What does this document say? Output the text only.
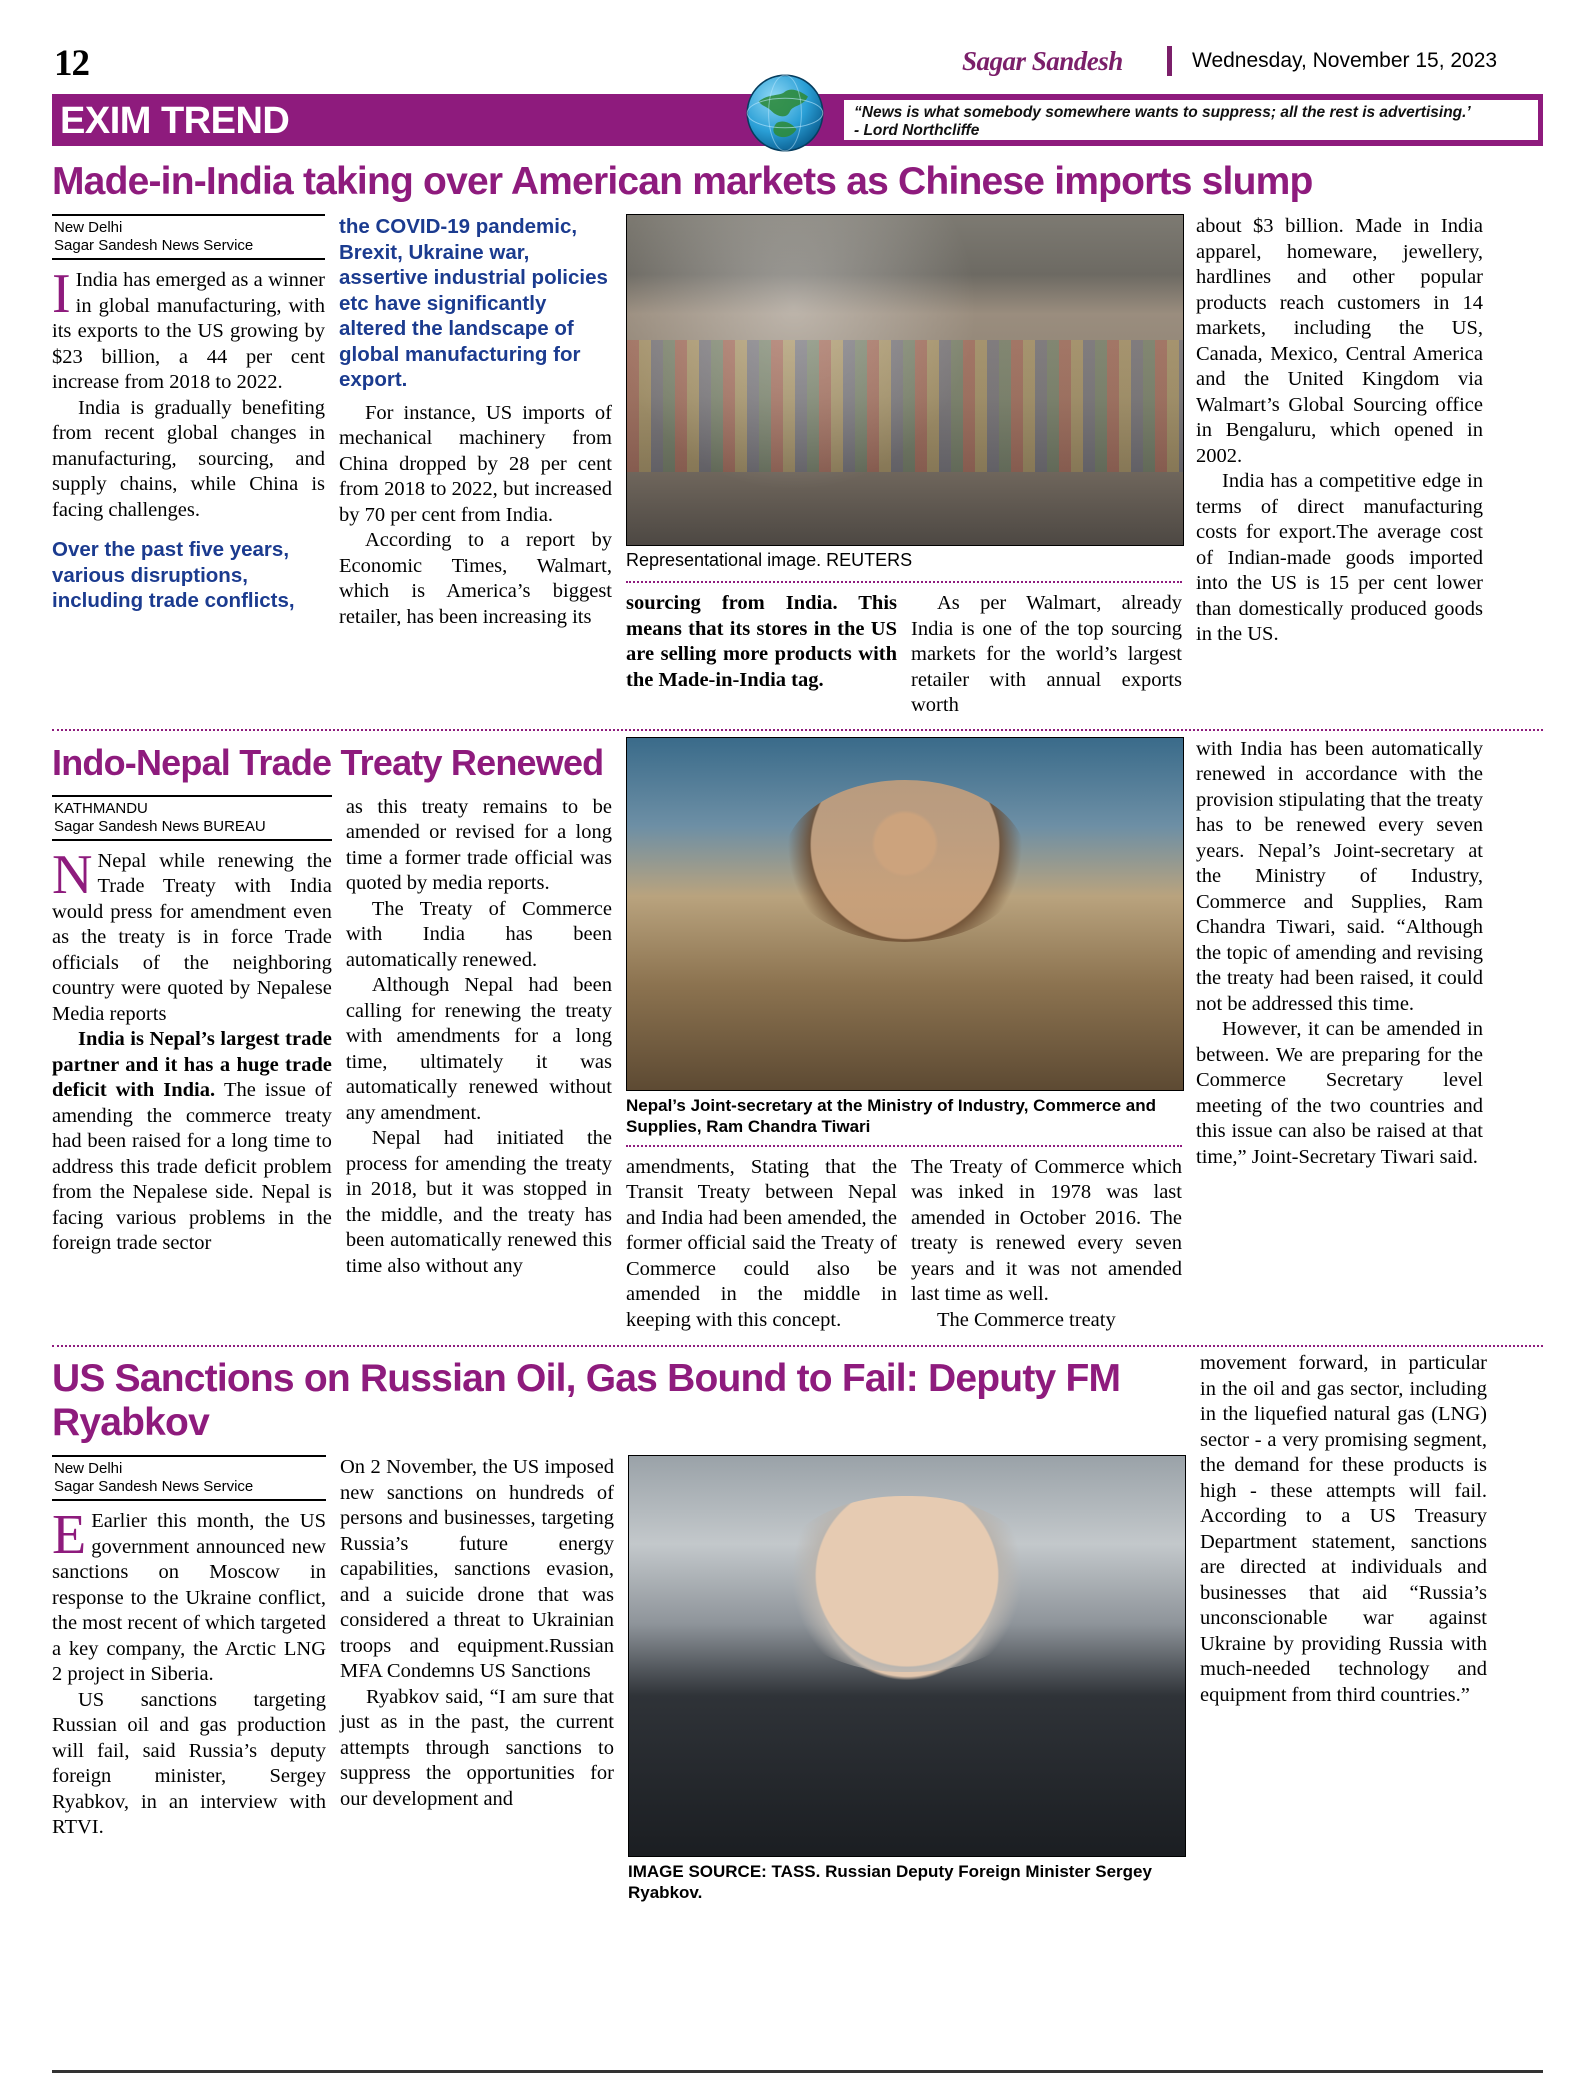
12	Sagar Sandesh	Wednesday, November 15, 2023
EXIM TREND	“News is what somebody somewhere wants to suppress; all the rest is advertising.’
- Lord Northcliffe
Made-in-India taking over American markets as Chinese imports slump
New Delhi
Sagar Sandesh News Service

I India has emerged as a winner in global manufacturing, with its exports to the US growing by $23 billion, a 44 per cent increase from 2018 to 2022.

India is gradually benefiting from recent global changes in manufacturing, sourcing, and supply chains, while China is facing challenges.

Over the past five years, various disruptions, including trade conflicts,

the COVID-19 pandemic, Brexit, Ukraine war, assertive industrial policies etc have significantly altered the landscape of global manufacturing for export.

For instance, US imports of mechanical machinery from China dropped by 28 per cent from 2018 to 2022, but increased by 70 per cent from India.

According to a report by Economic Times, Walmart, which is America’s biggest retailer, has been increasing its

Representational image. REUTERS

sourcing from India. This means that its stores in the US are selling more products with the Made-in-India tag.

As per Walmart, already India is one of the top sourcing markets for the world’s largest retailer with annual exports worth

about $3 billion. Made in India apparel, homeware, jewellery, hardlines and other popular products reach customers in 14 markets, including the US, Canada, Mexico, Central America and the United Kingdom via Walmart’s Global Sourcing office in Bengaluru, which opened in 2002.

India has a competitive edge in terms of direct manufacturing costs for export.The average cost of Indian-made goods imported into the US is 15 per cent lower than domestically produced goods in the US.

Indo-Nepal Trade Treaty Renewed
KATHMANDU
Sagar Sandesh News BUREAU

N Nepal while renewing the Trade Treaty with India would press for amendment even as the treaty is in force Trade officials of the neighboring country were quoted by Nepalese Media reports

India is Nepal’s largest trade partner and it has a huge trade deficit with India. The issue of amending the commerce treaty had been raised for a long time to address this trade deficit problem from the Nepalese side. Nepal is facing various problems in the foreign trade sector

as this treaty remains to be amended or revised for a long time a former trade official was quoted by media reports.

The Treaty of Commerce with India has been automatically renewed.

Although Nepal had been calling for renewing the treaty with amendments for a long time, ultimately it was automatically renewed without any amendment.

Nepal had initiated the process for amending the treaty in 2018, but it was stopped in the middle, and the treaty has been automatically renewed this time also without any

Nepal’s Joint-secretary at the Ministry of Industry, Commerce and Supplies, Ram Chandra Tiwari

amendments, Stating that the Transit Treaty between Nepal and India had been amended, the former official said the Treaty of Commerce could also be amended in the middle in keeping with this concept.

The Treaty of Commerce which was inked in 1978 was last amended in October 2016. The treaty is renewed every seven years and it was not amended last time as well.

The Commerce treaty

with India has been automatically renewed in accordance with the provision stipulating that the treaty has to be renewed every seven years. Nepal’s Joint-secretary at the Ministry of Industry, Commerce and Supplies, Ram Chandra Tiwari, said. “Although the topic of amending and revising the treaty had been raised, it could not be addressed this time.

However, it can be amended in between. We are preparing for the Commerce Secretary level meeting of the two countries and this issue can also be raised at that time,” Joint-Secretary Tiwari said.

US Sanctions on Russian Oil, Gas Bound to Fail: Deputy FM Ryabkov
New Delhi
Sagar Sandesh News Service

E Earlier this month, the US government announced new sanctions on Moscow in response to the Ukraine conflict, the most recent of which targeted a key company, the Arctic LNG 2 project in Siberia.

US sanctions targeting Russian oil and gas production will fail, said Russia’s deputy foreign minister, Sergey Ryabkov, in an interview with RTVI.

On 2 November, the US imposed new sanctions on hundreds of persons and businesses, targeting Russia’s future energy capabilities, sanctions evasion, and a suicide drone that was considered a threat to Ukrainian troops and equipment.Russian MFA Condemns US Sanctions

Ryabkov said, “I am sure that just as in the past, the current attempts through sanctions to suppress the opportunities for our development and

IMAGE SOURCE: TASS. Russian Deputy Foreign Minister Sergey Ryabkov.

movement forward, in particular in the oil and gas sector, including in the liquefied natural gas (LNG) sector - a very promising segment, the demand for these products is high - these attempts will fail. According to a US Treasury Department statement, sanctions are directed at individuals and businesses that aid “Russia’s unconscionable war against Ukraine by providing Russia with much-needed technology and equipment from third countries.”
